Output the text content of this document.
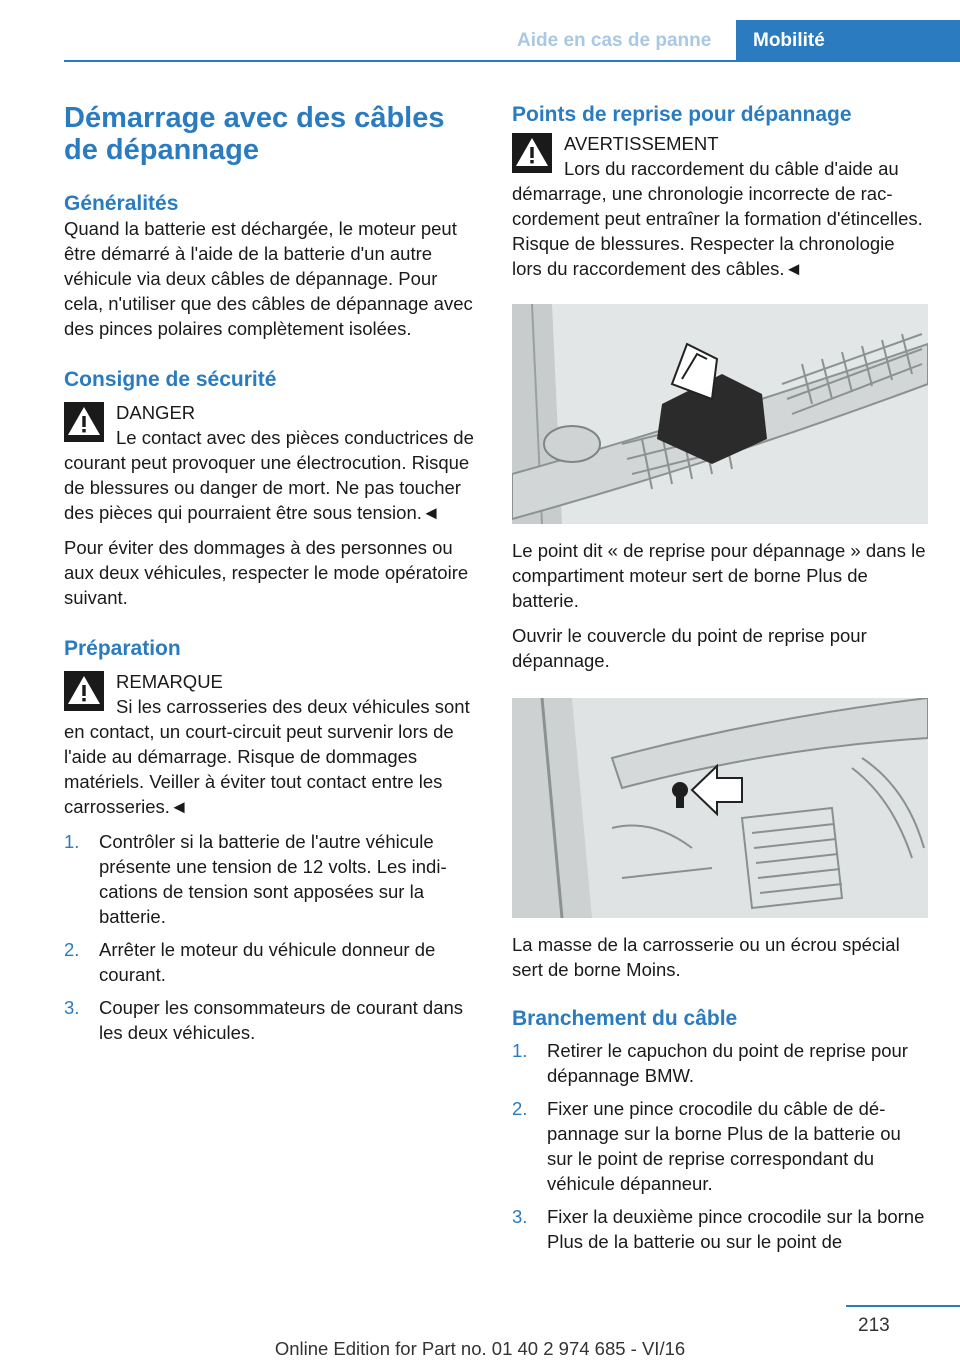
Aide en cas de panne	Mobilité
Démarrage avec des câbles de dépannage
Généralités

Quand la batterie est déchargée, le moteur peut être démarré à l'aide de la batterie d'un autre véhicule via deux câbles de dépannage. Pour cela, n'utiliser que des câbles de dépannage avec des pinces polaires complètement isolées.

Consigne de sécurité
DANGER
Le contact avec des pièces conductrices de courant peut provoquer une électrocution. Risque de blessures ou danger de mort. Ne pas toucher des pièces qui pourraient être sous tension.◄

Pour éviter des dommages à des personnes ou aux deux véhicules, respecter le mode opératoire suivant.

Préparation
REMARQUE
Si les carrosseries des deux véhicules sont en contact, un court-circuit peut survenir lors de l'aide au démarrage. Risque de dommages matériels. Veiller à éviter tout contact entre les carrosseries.◄
1. Contrôler si la batterie de l'autre véhicule présente une tension de 12 volts. Les indications de tension sont apposées sur la batterie.
2. Arrêter le moteur du véhicule donneur de courant.
3. Couper les consommateurs de courant dans les deux véhicules.
Points de reprise pour dépannage
AVERTISSEMENT
Lors du raccordement du câble d'aide au démarrage, une chronologie incorrecte de raccordement peut entraîner la formation d'étincelles. Risque de blessures. Respecter la chronologie lors du raccordement des câbles.◄

Le point dit « de reprise pour dépannage » dans le compartiment moteur sert de borne Plus de batterie.

Ouvrir le couvercle du point de reprise pour dépannage.

La masse de la carrosserie ou un écrou spécial sert de borne Moins.

Branchement du câble
1. Retirer le capuchon du point de reprise pour dépannage BMW.
2. Fixer une pince crocodile du câble de dépannage sur la borne Plus de la batterie ou sur le point de reprise correspondant du véhicule dépanneur.
3. Fixer la deuxième pince crocodile sur la borne Plus de la batterie ou sur le point de
213
Online Edition for Part no. 01 40 2 974 685 - VI/16
